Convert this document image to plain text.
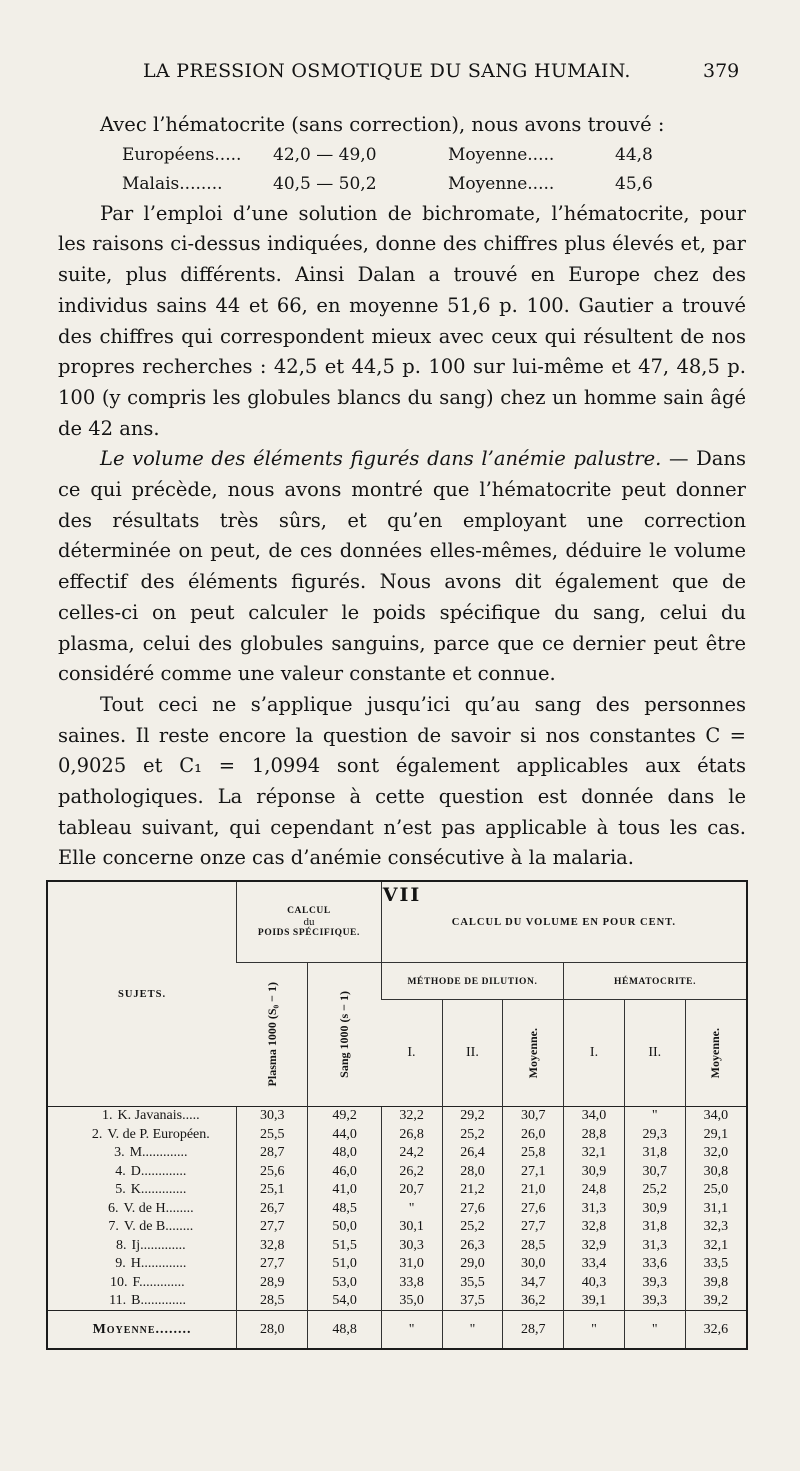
LA PRESSION OSMOTIQUE DU SANG HUMAIN.	379

Avec l’hématocrite (sans correction), nous avons trouvé :

Européens..... 42,0 — 49,0	Moyenne.....	44,8
Malais........	40,5 — 50,2	Moyenne.....	45,6

Par l’emploi d’une solution de bichromate, l’hématocrite, pour les raisons ci-dessus indiquées, donne des chiffres plus élevés et, par suite, plus différents. Ainsi Dalan a trouvé en Europe chez des individus sains 44 et 66, en moyenne 51,6 p. 100. Gautier a trouvé des chiffres qui correspondent mieux avec ceux qui résultent de nos propres recherches : 42,5 et 44,5 p. 100 sur lui-même et 47, 48,5 p. 100 (y compris les globules blancs du sang) chez un homme sain âgé de 42 ans.

Le volume des éléments figurés dans l’anémie palustre. — Dans ce qui précède, nous avons montré que l’hématocrite peut donner des résultats très sûrs, et qu’en employant une correction déterminée on peut, de ces données elles-mêmes, déduire le volume effectif des éléments figurés. Nous avons dit également que de celles-ci on peut calculer le poids spécifique du sang, celui du plasma, celui des globules sanguins, parce que ce dernier peut être considéré comme une valeur constante et connue.

Tout ceci ne s’applique jusqu’ici qu’au sang des personnes saines. Il reste encore la question de savoir si nos constantes C = 0,9025 et C₁ = 1,0994 sont également applicables aux états pathologiques. La réponse à cette question est donnée dans le tableau suivant, qui cependant n’est pas applicable à tous les cas. Elle concerne onze cas d’anémie consécutive à la malaria.

VII
SUJETS.	CALCUL
du
POIDS SPÉCIFIQUE.		CALCUL DU VOLUME EN POUR CENT.					

	Plasma 1000 (S₀ − 1)	Sang 1000 (s − 1)	MÉTHODE DE DILUTION.			HÉMATOCRITE.		
			I.	II.	Moyenne.	I.	II.	Moyenne.

1. K. Javanais.....	30,3	49,2	32,2	29,2	30,7	34,0	"	34,0
2. V. de P. Européen.	25,5	44,0	26,8	25,2	26,0	28,8	29,3	29,1
3. M.............	28,7	48,0	24,2	26,4	25,8	32,1	31,8	32,0
4. D.............	25,6	46,0	26,2	28,0	27,1	30,9	30,7	30,8
5. K.............	25,1	41,0	20,7	21,2	21,0	24,8	25,2	25,0
6. V. de H........	26,7	48,5	"	27,6	27,6	31,3	30,9	31,1
7. V. de B........	27,7	50,0	30,1	25,2	27,7	32,8	31,8	32,3
8. Ij.............	32,8	51,5	30,3	26,3	28,5	32,9	31,3	32,1
9. H.............	27,7	51,0	31,0	29,0	30,0	33,4	33,6	33,5
10. F.............	28,9	53,0	33,8	35,5	34,7	40,3	39,3	39,8
11. B.............	28,5	54,0	35,0	37,5	36,2	39,1	39,3	39,2
Moyenne........	28,0	48,8	"	"	28,7	"	"	32,6
